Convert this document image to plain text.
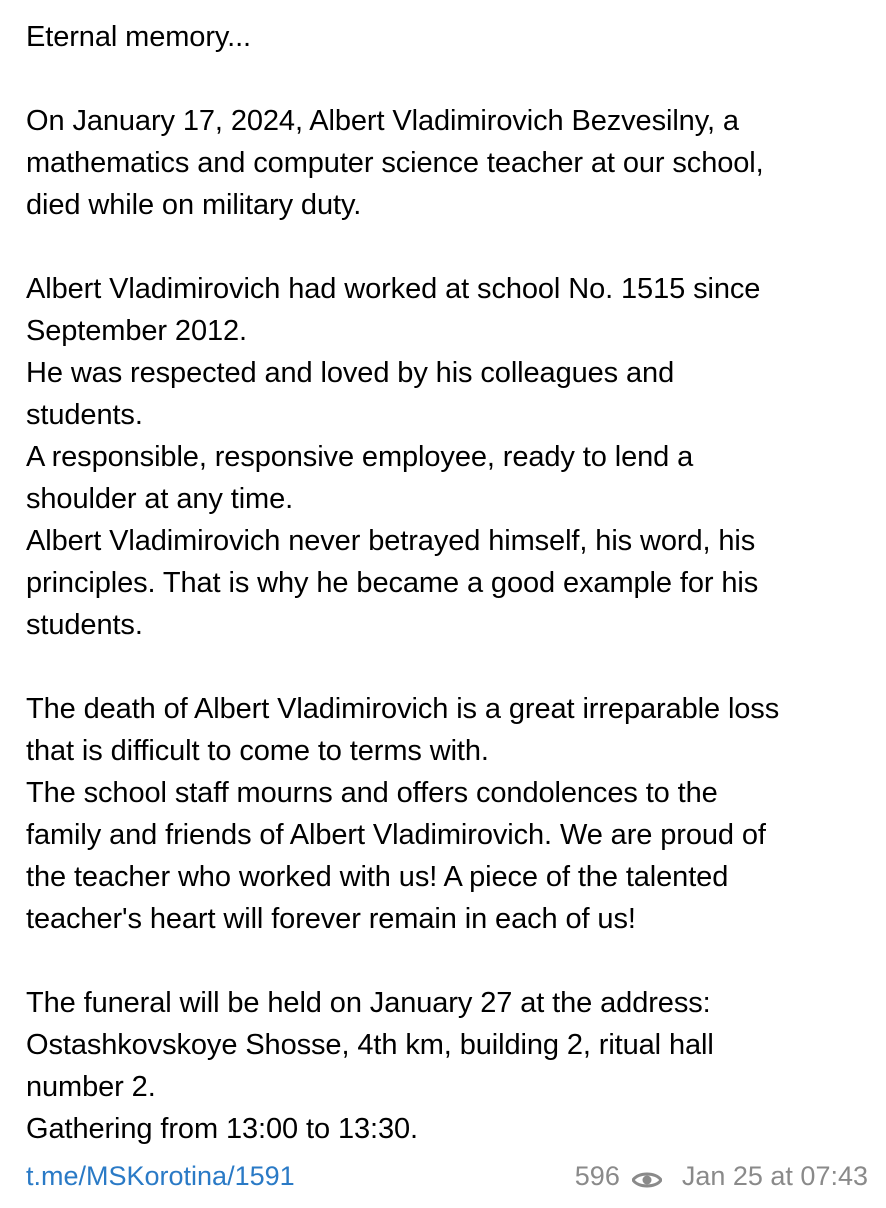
Eternal memory...
On January 17, 2024, Albert Vladimirovich Bezvesilny, a
mathematics and computer science teacher at our school,
died while on military duty.
Albert Vladimirovich had worked at school No. 1515 since
September 2012.
He was respected and loved by his colleagues and
students.
A responsible, responsive employee, ready to lend a
shoulder at any time.
Albert Vladimirovich never betrayed himself, his word, his
principles. That is why he became a good example for his
students.
The death of Albert Vladimirovich is a great irreparable loss
that is difficult to come to terms with.
The school staff mourns and offers condolences to the
family and friends of Albert Vladimirovich. We are proud of
the teacher who worked with us! A piece of the talented
teacher's heart will forever remain in each of us!
The funeral will be held on January 27 at the address:
Ostashkovskoye Shosse, 4th km, building 2, ritual hall
number 2.
Gathering from 13:00 to 13:30.
t.me/MSKorotina/1591	596 Jan 25 at 07:43
